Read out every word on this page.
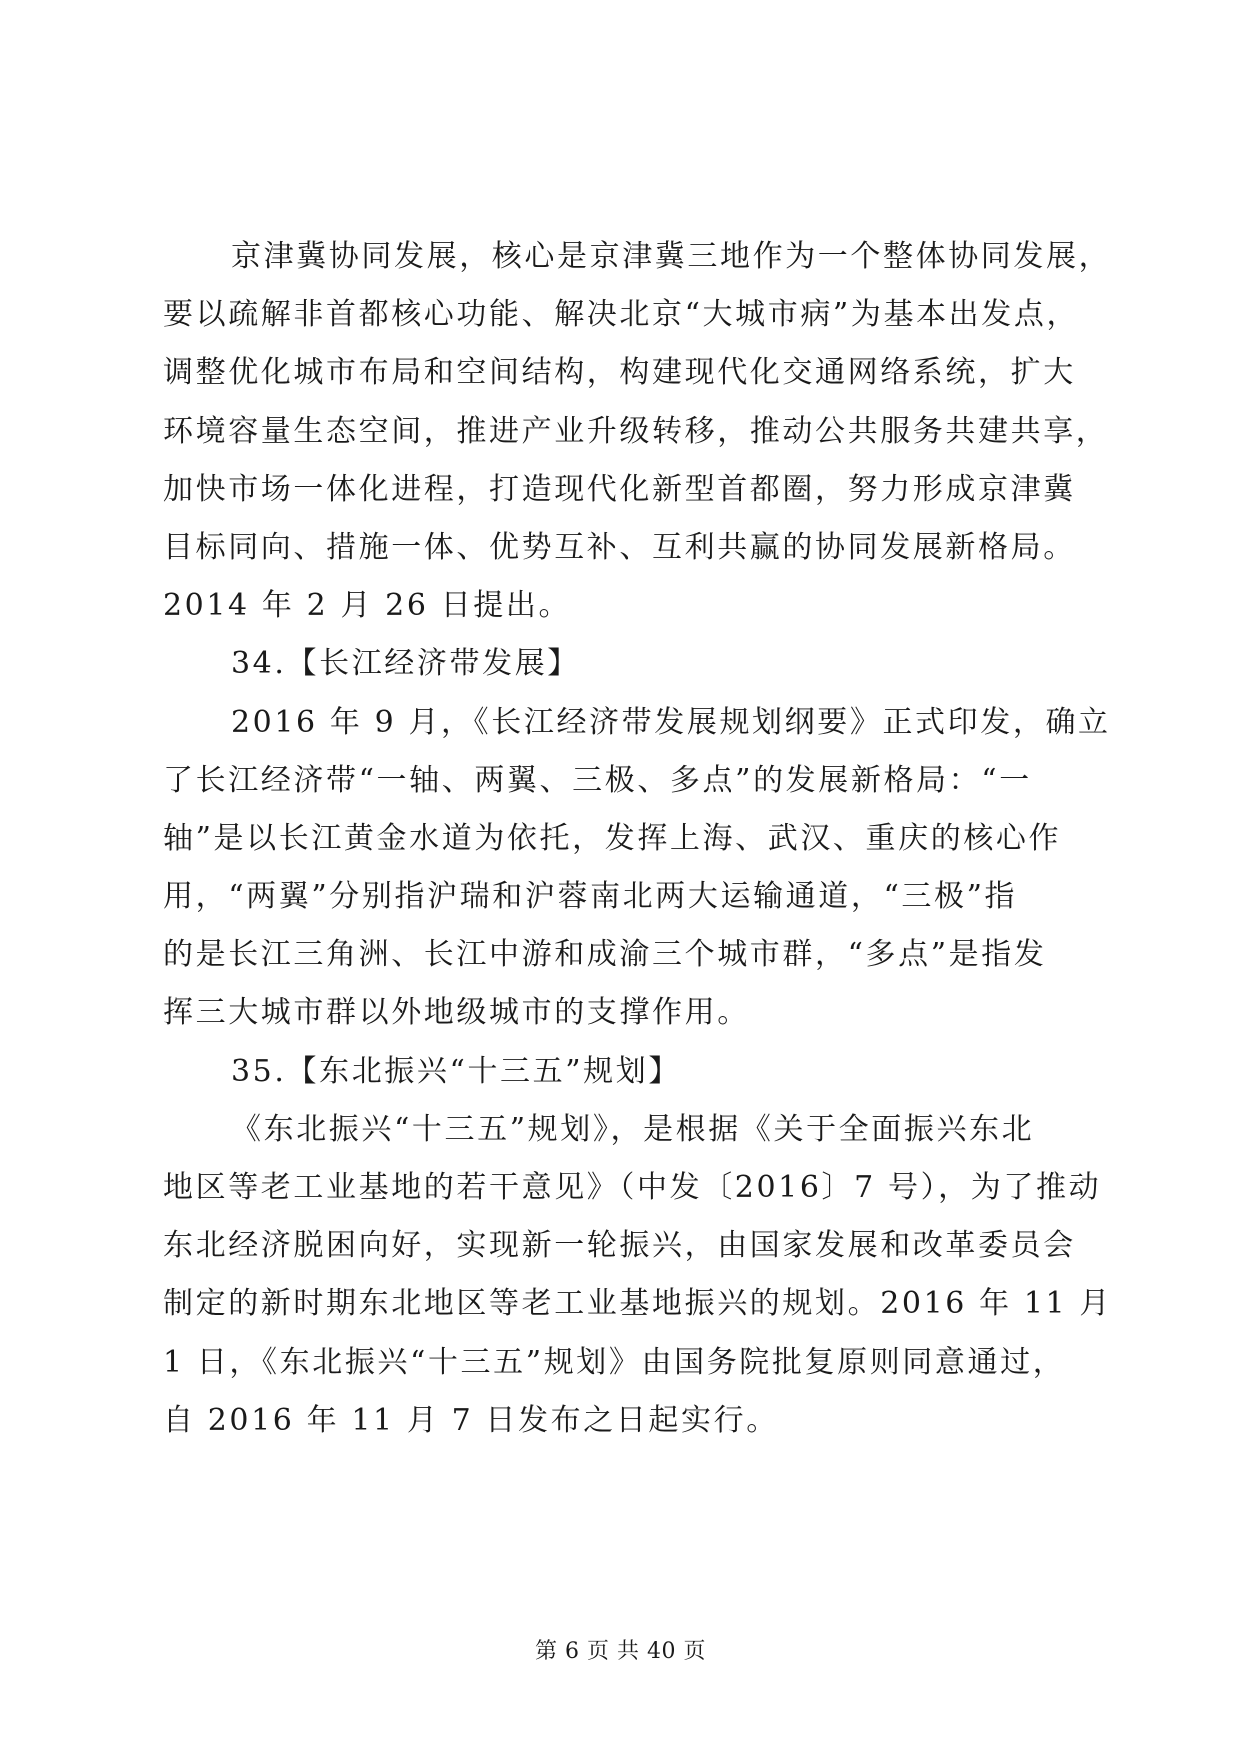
京津冀协同发展，核心是京津冀三地作为一个整体协同发展，
要以疏解非首都核心功能、解决北京“大城市病”为基本出发点，
调整优化城市布局和空间结构，构建现代化交通网络系统，扩大
环境容量生态空间，推进产业升级转移，推动公共服务共建共享，
加快市场一体化进程，打造现代化新型首都圈，努力形成京津冀
目标同向、措施一体、优势互补、互利共赢的协同发展新格局。
2014 年 2 月 26 日提出。
34.【长江经济带发展】
2016 年 9 月，《长江经济带发展规划纲要》正式印发，确立
了长江经济带“一轴、两翼、三极、多点”的发展新格局：“一
轴”是以长江黄金水道为依托，发挥上海、武汉、重庆的核心作
用，“两翼”分别指沪瑞和沪蓉南北两大运输通道，“三极”指
的是长江三角洲、长江中游和成渝三个城市群，“多点”是指发
挥三大城市群以外地级城市的支撑作用。
35.【东北振兴“十三五”规划】
《东北振兴“十三五”规划》，是根据《关于全面振兴东北
地区等老工业基地的若干意见》（中发〔2016〕7 号），为了推动
东北经济脱困向好，实现新一轮振兴，由国家发展和改革委员会
制定的新时期东北地区等老工业基地振兴的规划。2016 年 11 月
1 日，《东北振兴“十三五”规划》由国务院批复原则同意通过，
自 2016 年 11 月 7 日发布之日起实行。
第 6 页 共 40 页
